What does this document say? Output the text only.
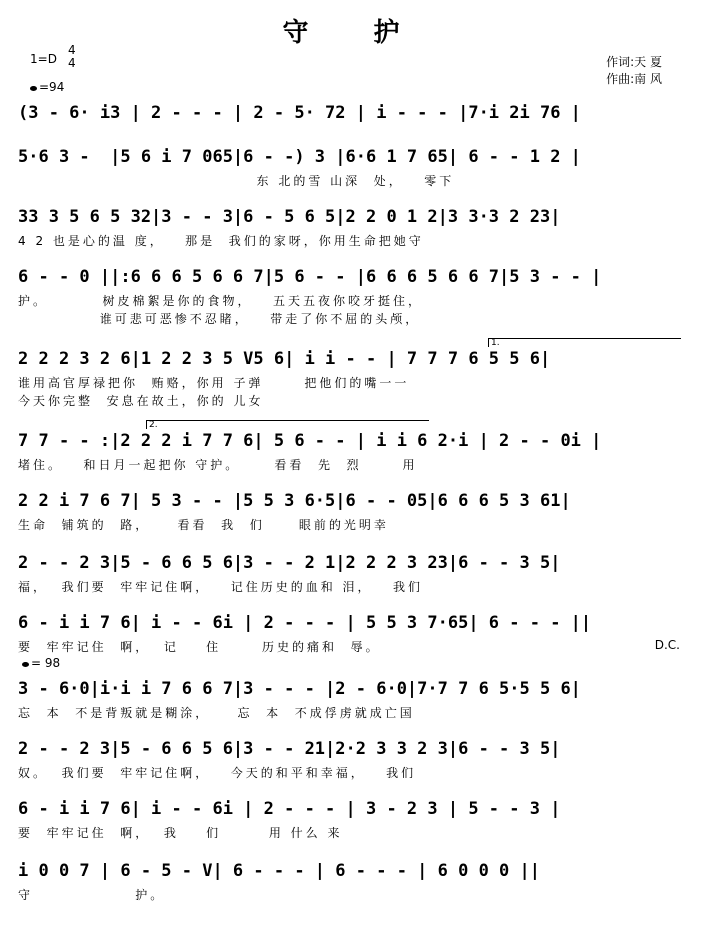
守 护
1=D
4
4
=94
作词:天 夏
作曲:南 风
(3 - 6· i3 | 2 - - - | 2 - 5· 72 | i - - - |7·i 2i 76 |
5·6 3 -  |5 6 i 7 065|6 - -) 3 |6·6 1 7 65| 6 - - 1 2 |
东 北的雪 山深  处，   零下
33 3 5 6 5 32|3 - - 3|6 - 5 6 5|2 2 0 1 2|3 3·3 2 23|
4 2 也是心的温 度，   那是  我们的家呀，你用生命把她守
6 - - 0 ||:6 6 6 5 6 6 7|5 6 - - |6 6 6 5 6 6 7|5 3 - - |
护。        树皮棉絮是你的食物，   五天五夜你咬牙挺住，
谁可悲可恶惨不忍睹，   带走了你不屈的头颅，
1.
2 2 2 3 2 6|1 2 2 3 5 V5 6| i i - - | 7 7 7 6 5 5 6|
谁用高官厚禄把你  贿赂，你用 子弹      把他们的嘴一一
今天你完整  安息在故土，你的 儿女
2.
7 7 - - :|2 2 2 i 7 7 6| 5 6 - - | i i 6 2·i | 2 - - 0i |
堵住。   和日月一起把你 守护。     看看  先  烈      用
2 2 i 7 6 7| 5 3 - - |5 5 3 6·5|6 - - 05|6 6 6 5 3 61|
生命  铺筑的  路，    看看  我  们     眼前的光明幸
2 - - 2 3|5 - 6 6 5 6|3 - - 2 1|2 2 2 3 23|6 - - 3 5|
福，  我们要  牢牢记住啊，   记住历史的血和 泪，   我们
6 - i i 7 6| i - - 6i | 2 - - - | 5 5 3 7·65| 6 - - - ||
要  牢牢记住  啊，  记    住      历史的痛和  辱。	D.C.
= 98
3 - 6·0|i·i i 7 6 6 7|3 - - - |2 - 6·0|7·7 7 6 5·5 5 6|
忘  本  不是背叛就是糊涂，    忘  本  不成俘虏就成亡国
2 - - 2 3|5 - 6 6 5 6|3 - - 21|2·2 3 3 2 3|6 - - 3 5|
奴。  我们要  牢牢记住啊，   今天的和平和幸福，   我们
6 - i i 7 6| i - - 6i | 2 - - - | 3 - 2 3 | 5 - - 3 |
要  牢牢记住  啊，  我    们       用 什么 来
i 0 0 7 | 6 - 5 - V| 6 - - - | 6 - - - | 6 0 0 0 ||
守               护。
